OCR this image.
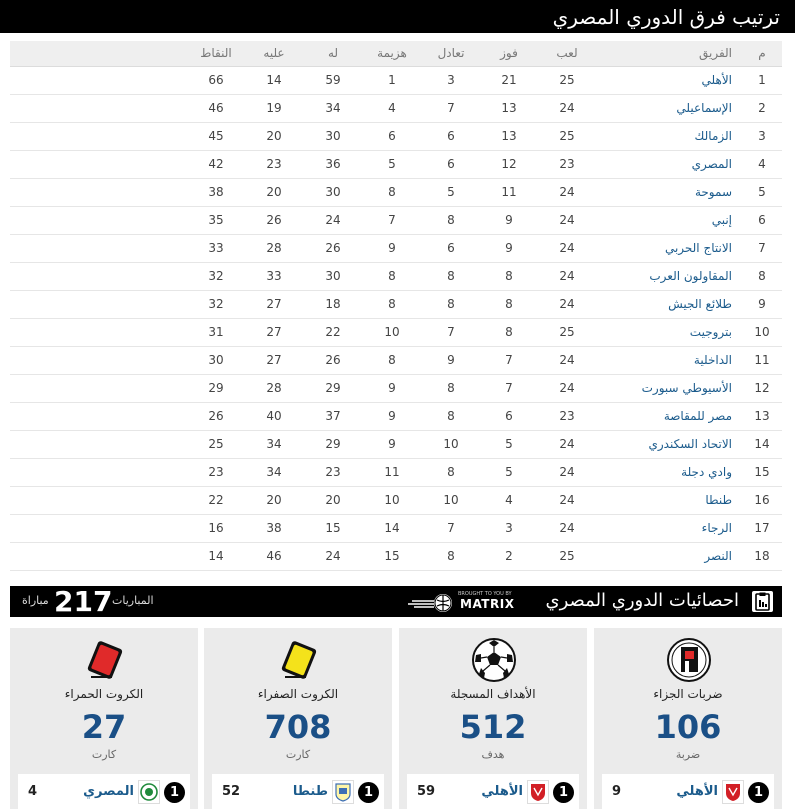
ترتيب فرق الدوري المصري
م
الفريق
لعب
فوز
تعادل
هزيمة
له
عليه
النقاط
1
الأهلي
25
21
3
1
59
14
66
2
الإسماعيلي
24
13
7
4
34
19
46
3
الزمالك
25
13
6
6
30
20
45
4
المصري
23
12
6
5
36
23
42
5
سموحة
24
11
5
8
30
20
38
6
إنبي
24
9
8
7
24
26
35
7
الانتاج الحربي
24
9
6
9
26
28
33
8
المقاولون العرب
24
8
8
8
30
33
32
9
طلائع الجيش
24
8
8
8
18
27
32
10
بتروجيت
25
8
7
10
22
27
31
11
الداخلية
24
7
9
8
26
27
30
12
الأسيوطي سبورت
24
7
8
9
29
28
29
13
مصر للمقاصة
23
6
8
9
37
40
26
14
الاتحاد السكندري
24
5
10
9
29
34
25
15
وادي دجلة
24
5
8
11
23
34
23
16
طنطا
24
4
10
10
20
20
22
17
الرجاء
24
3
7
14
15
38
16
18
النصر
25
2
8
15
24
46
14
احصائيات الدوري المصري
BROUGHT TO YOU BY
MATRIX
المباريات
217
مباراة
ضربات الجزاء
106
ضربة
1
الأهلي
9
الأهداف المسجلة
512
هدف
1
الأهلي
59
الكروت الصفراء
708
كارت
1
طنطا
52
الكروت الحمراء
27
كارت
1
المصري
4
